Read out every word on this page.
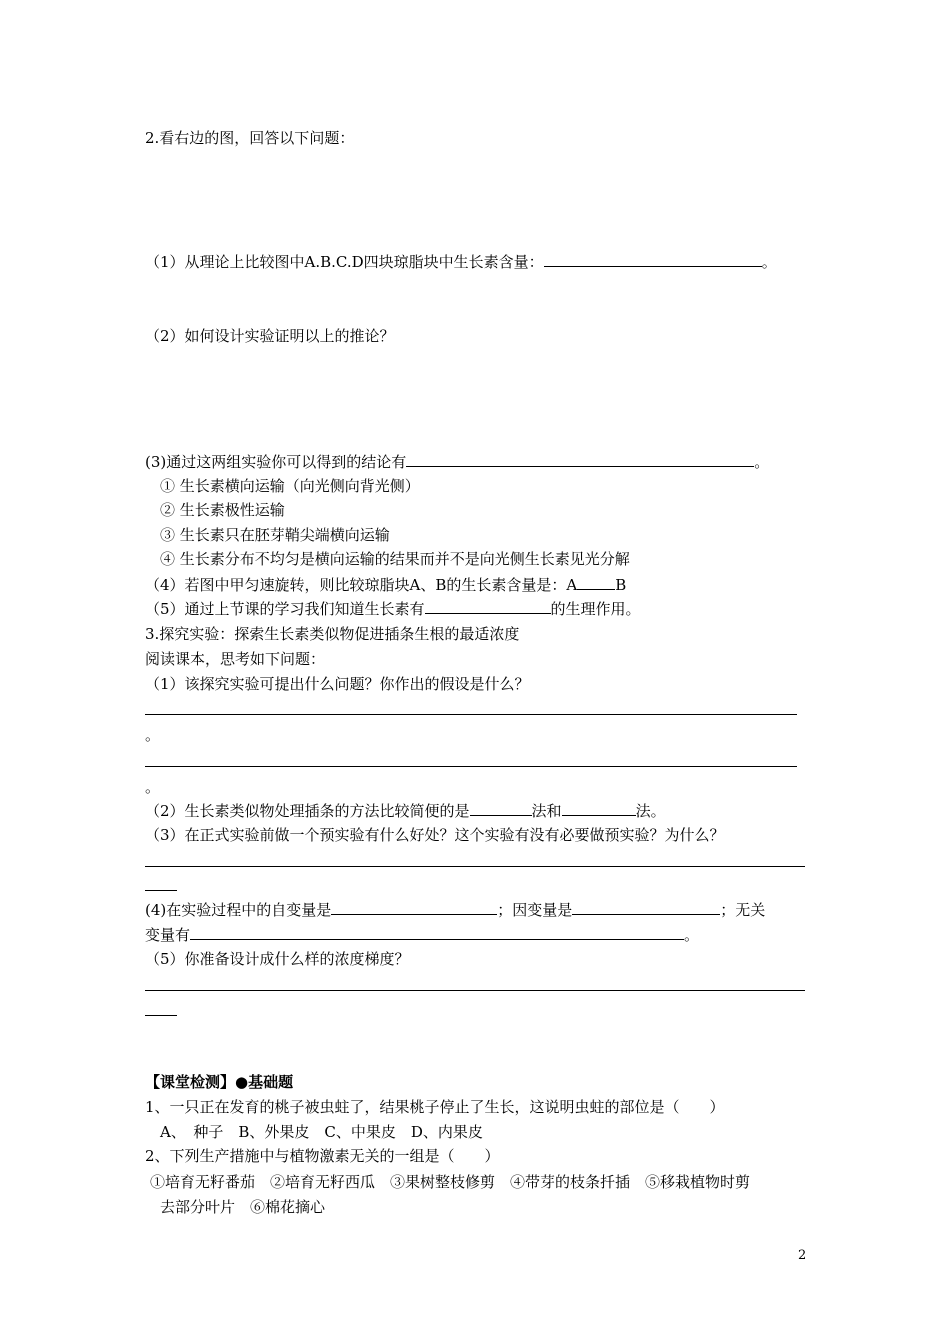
2.看右边的图，回答以下问题：
（1）从理论上比较图中A.B.C.D四块琼脂块中生长素含量：	。
（2）如何设计实验证明以上的推论？
(3)通过这两组实验你可以得到的结论有	。
① 生长素横向运输（向光侧向背光侧）
② 生长素极性运输
③ 生长素只在胚芽鞘尖端横向运输
④ 生长素分布不均匀是横向运输的结果而并不是向光侧生长素见光分解
（4）若图中甲匀速旋转，则比较琼脂块A、B的生长素含量是：A	B
（5）通过上节课的学习我们知道生长素有	的生理作用。
3.探究实验：探索生长素类似物促进插条生根的最适浓度
阅读课本，思考如下问题：
（1）该探究实验可提出什么问题？你作出的假设是什么？
。
。
（2）生长素类似物处理插条的方法比较简便的是	法和	法。
（3）在正式实验前做一个预实验有什么好处？这个实验有没有必要做预实验？为什么？
(4)在实验过程中的自变量是	；因变量是	；无关
变量有	。
（5）你准备设计成什么样的浓度梯度？
【课堂检测】●基础题
1、一只正在发育的桃子被虫蛀了，结果桃子停止了生长，这说明虫蛀的部位是（　　）
A、　种子　B、外果皮　C、中果皮　D、内果皮
2、下列生产措施中与植物激素无关的一组是（　　）
①培育无籽番茄　②培育无籽西瓜　③果树整枝修剪　④带芽的枝条扦插　⑤移栽植物时剪
去部分叶片　⑥棉花摘心
2
